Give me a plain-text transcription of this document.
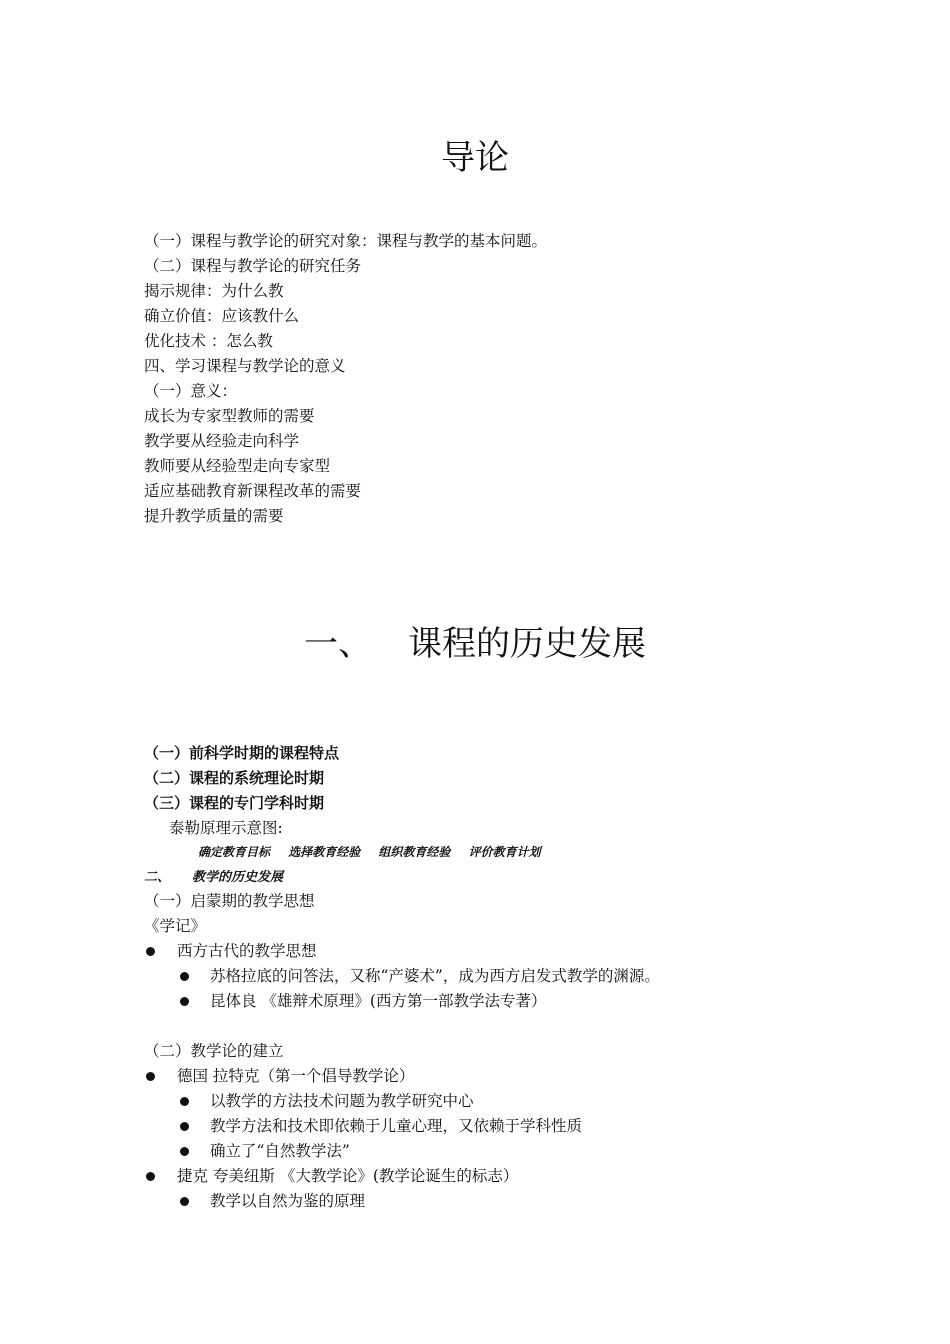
导论
（一）课程与教学论的研究对象：课程与教学的基本问题。
（二）课程与教学论的研究任务
揭示规律：为什么教
确立价值：应该教什么
优化技术 ：怎么教
四、学习课程与教学论的意义
（一）意义：
成长为专家型教师的需要
教学要从经验走向科学
教师要从经验型走向专家型
适应基础教育新课程改革的需要
提升教学质量的需要
一、 课程的历史发展
（一）前科学时期的课程特点
（二）课程的系统理论时期
（三）课程的专门学科时期
泰勒原理示意图:
确定教育目标 选择教育经验 组织教育经验 评价教育计划
二、 教学的历史发展
（一）启蒙期的教学思想
《学记》
西方古代的教学思想
苏格拉底的问答法，又称“产婆术”，成为西方启发式教学的渊源。
昆体良 《雄辩术原理》(西方第一部教学法专著）
（二）教学论的建立
德国 拉特克（第一个倡导教学论）
以教学的方法技术问题为教学研究中心
教学方法和技术即依赖于儿童心理，又依赖于学科性质
确立了“自然教学法”
捷克 夸美纽斯 《大教学论》(教学论诞生的标志）
教学以自然为鉴的原理
